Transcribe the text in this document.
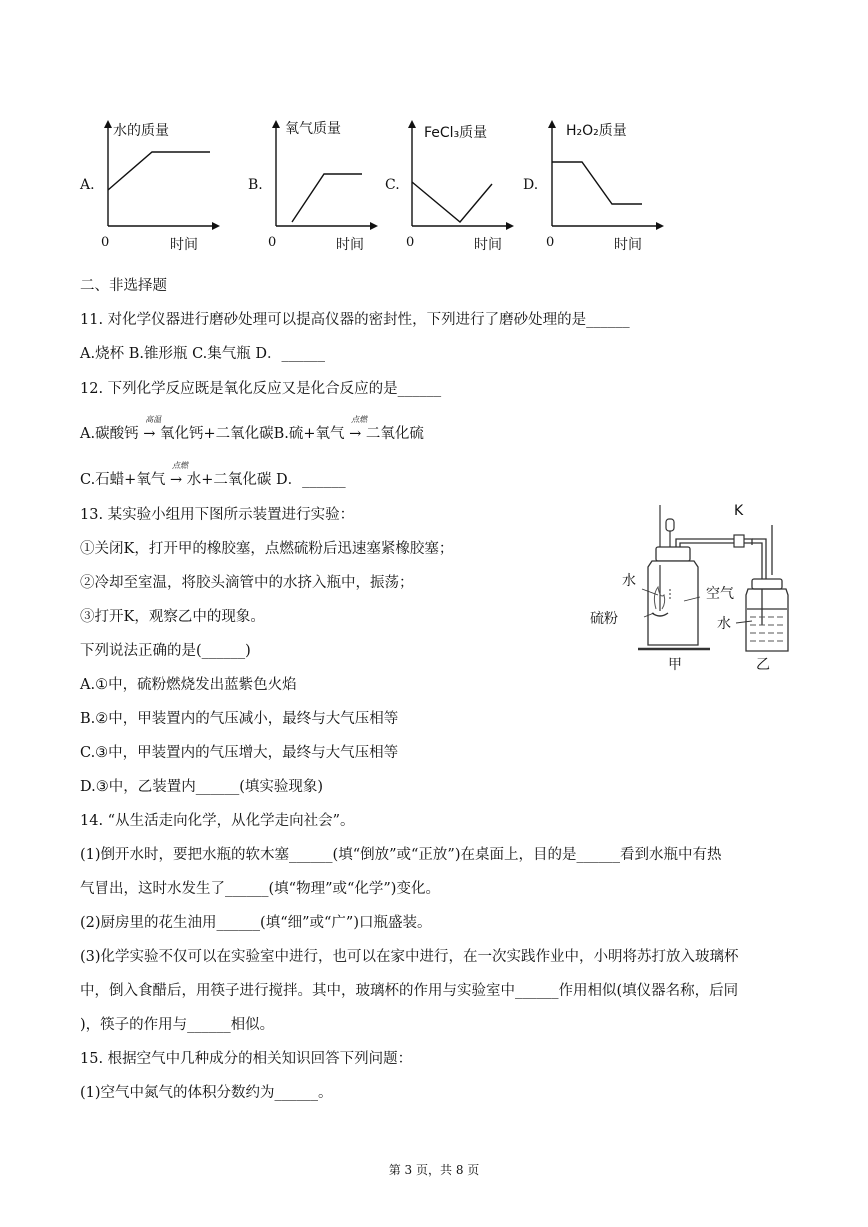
A.
水的质量
0	时间
B.
氧气质量
0	时间
C.
FeCl₃质量
0	时间
D.
H₂O₂质量
0	时间
二、非选择题
11. 对化学仪器进行磨砂处理可以提高仪器的密封性，下列进行了磨砂处理的是______
A.烧杯 B.锥形瓶 C.集气瓶 D．______
12. 下列化学反应既是氧化反应又是化合反应的是______
A.碳酸钙
高温
→ 氧化钙+二氧化碳B.硫+氧气
点燃
→ 二氧化硫
C.石蜡+氧气
点燃
→ 水+二氧化碳 D．______
13. 某实验小组用下图所示装置进行实验：
①关闭K，打开甲的橡胶塞，点燃硫粉后迅速塞紧橡胶塞；
②冷却至室温，将胶头滴管中的水挤入瓶中，振荡；
③打开K，观察乙中的现象。
下列说法正确的是(______)
A.①中，硫粉燃烧发出蓝紫色火焰
B.②中，甲装置内的气压减小，最终与大气压相等
C.③中，甲装置内的气压增大，最终与大气压相等
D.③中，乙装置内______(填实验现象)
K
水
空气
硫粉	水
甲	乙
14. “从生活走向化学，从化学走向社会”。
(1)倒开水时，要把水瓶的软木塞______(填“倒放”或“正放”)在桌面上，目的是______看到水瓶中有热
气冒出，这时水发生了______(填“物理”或“化学”)变化。
(2)厨房里的花生油用______(填“细”或“广”)口瓶盛装。
(3)化学实验不仅可以在实验室中进行，也可以在家中进行，在一次实践作业中，小明将苏打放入玻璃杯
中，倒入食醋后，用筷子进行搅拌。其中，玻璃杯的作用与实验室中______作用相似(填仪器名称，后同
)，筷子的作用与______相似。
15. 根据空气中几种成分的相关知识回答下列问题：
(1)空气中氮气的体积分数约为______。
第 3 页，共 8 页
